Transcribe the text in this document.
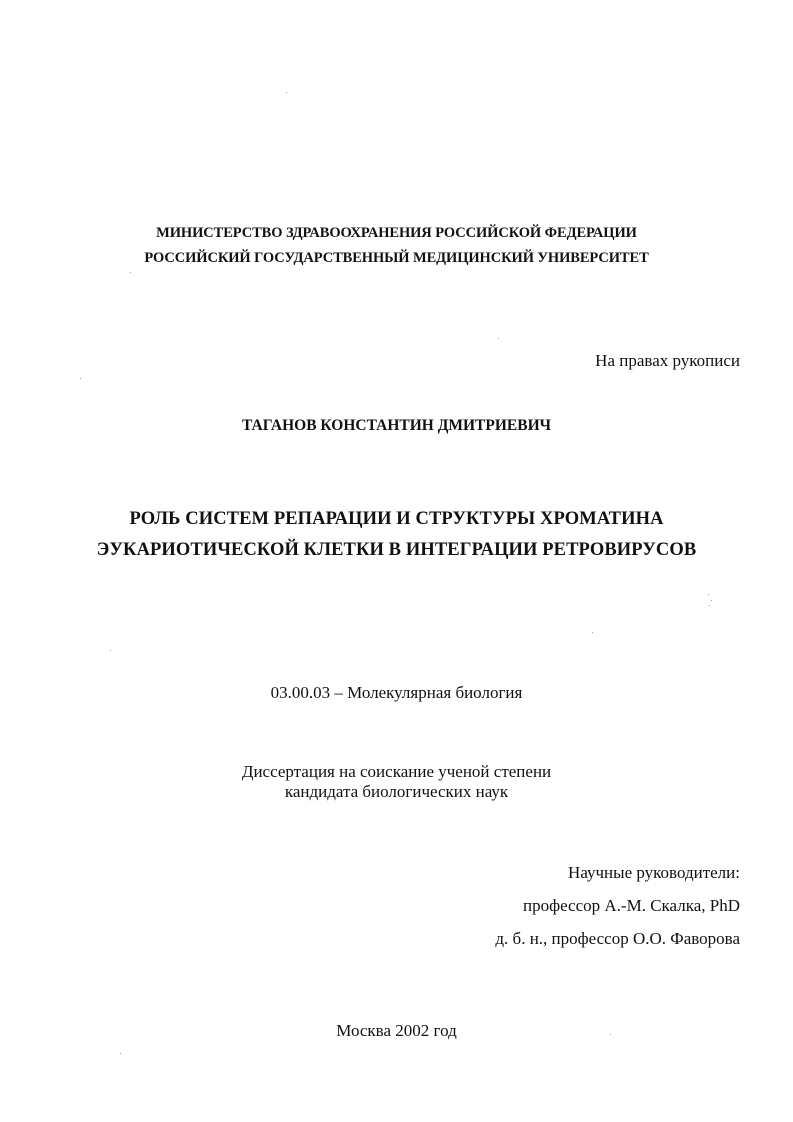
МИНИСТЕРСТВО ЗДРАВООХРАНЕНИЯ РОССИЙСКОЙ ФЕДЕРАЦИИ
РОССИЙСКИЙ ГОСУДАРСТВЕННЫЙ МЕДИЦИНСКИЙ УНИВЕРСИТЕТ
На правах рукописи
ТАГАНОВ КОНСТАНТИН ДМИТРИЕВИЧ
РОЛЬ СИСТЕМ РЕПАРАЦИИ И СТРУКТУРЫ ХРОМАТИНА
ЭУКАРИОТИЧЕСКОЙ КЛЕТКИ В ИНТЕГРАЦИИ РЕТРОВИРУСОВ
03.00.03 – Молекулярная биология
Диссертация на соискание ученой степени
кандидата биологических наук
Научные руководители:
профессор А.-М. Скалка, PhD
д. б. н., профессор О.О. Фаворова
Москва 2002 год
